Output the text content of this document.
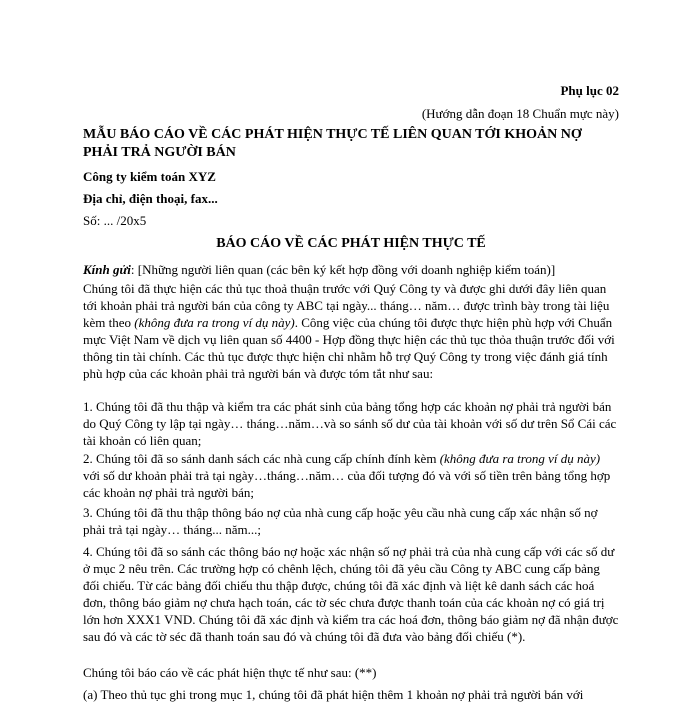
Phụ lục 02

(Hướng dẫn đoạn 18 Chuẩn mực này)

MẪU BÁO CÁO VỀ CÁC PHÁT HIỆN THỰC TẾ LIÊN QUAN TỚI KHOẢN NỢ PHẢI TRẢ NGƯỜI BÁN

Công ty kiểm toán XYZ

Địa chỉ, điện thoại, fax...

Số: ... /20x5

BÁO CÁO VỀ CÁC PHÁT HIỆN THỰC TẾ

Kính gửi: [Những người liên quan (các bên ký kết hợp đồng với doanh nghiệp kiểm toán)]

Chúng tôi đã thực hiện các thủ tục thoả thuận trước với Quý Công ty và được ghi dưới đây liên quan tới khoản phải trả người bán của công ty ABC tại ngày... tháng… năm… được trình bày trong tài liệu kèm theo (không đưa ra trong ví dụ này). Công việc của chúng tôi được thực hiện phù hợp với Chuẩn mực Việt Nam về dịch vụ liên quan số 4400 - Hợp đồng thực hiện các thủ tục thỏa thuận trước đối với thông tin tài chính. Các thủ tục được thực hiện chỉ nhằm hỗ trợ Quý Công ty trong việc đánh giá tính phù hợp của các khoản phải trả người bán và được tóm tắt như sau:

1. Chúng tôi đã thu thập và kiểm tra các phát sinh của bảng tổng hợp các khoản nợ phải trả người bán do Quý Công ty lập tại ngày… tháng…năm…và so sánh số dư của tài khoản với số dư trên Sổ Cái các tài khoản có liên quan;

2. Chúng tôi đã so sánh danh sách các nhà cung cấp chính đính kèm (không đưa ra trong ví dụ này) với số dư khoản phải trả tại ngày…tháng…năm… của đối tượng đó và với số tiền trên bảng tổng hợp các khoản nợ phải trả người bán;

3. Chúng tôi đã thu thập thông báo nợ của nhà cung cấp hoặc yêu cầu nhà cung cấp xác nhận số nợ phải trả tại ngày… tháng... năm...;

4. Chúng tôi đã so sánh các thông báo nợ hoặc xác nhận số nợ phải trả của nhà cung cấp với các số dư ở mục 2 nêu trên. Các trường hợp có chênh lệch, chúng tôi đã yêu cầu Công ty ABC cung cấp bảng đối chiếu. Từ các bảng đối chiếu thu thập được, chúng tôi đã xác định và liệt kê danh sách các hoá đơn, thông báo giảm nợ chưa hạch toán, các tờ séc chưa được thanh toán của các khoản nợ có giá trị lớn hơn XXX1 VND. Chúng tôi đã xác định và kiểm tra các hoá đơn, thông báo giảm nợ đã nhận được sau đó và các tờ séc đã thanh toán sau đó và chúng tôi đã đưa vào bảng đối chiếu (*).

Chúng tôi báo cáo về các phát hiện thực tế như sau: (**)

(a) Theo thủ tục ghi trong mục 1, chúng tôi đã phát hiện thêm 1 khoản nợ phải trả người bán với
